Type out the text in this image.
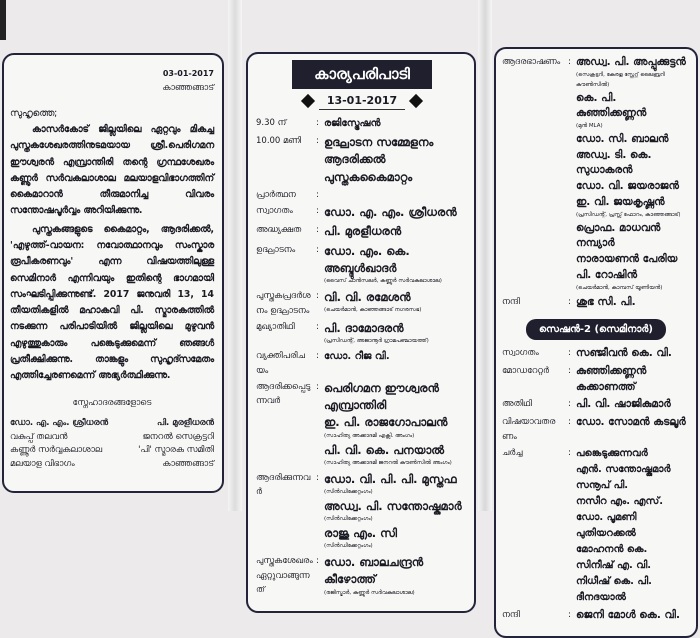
03-01-2017
കാഞ്ഞങ്ങാട്
സുഹൃത്തെ;

കാസർകോട് ജില്ലയിലെ ഏറ്റവും മികച്ച പുസ്തകശേഖരത്തിനുടമയായ ശ്രീ.പെരിഗമന ഈശ്വരൻ എമ്പ്രാന്തിരി തന്റെ ഗ്രന്ഥശേഖരം കണ്ണൂർ സർവകലാശാല മലയാളവിഭാഗത്തിന് കൈമാറാൻ തീരുമാനിച്ച വിവരം സന്തോഷപൂർവ്വം അറിയിക്കുന്നു.

പുസ്തകങ്ങളുടെ കൈമാറ്റം, ആദരിക്കൽ, 'എഴുത്ത്-വായന: നവോത്ഥാനവും സംസ്കാര രൂപീകരണവും' എന്ന വിഷയത്തിലുള്ള സെമിനാർ എന്നിവയും ഇതിന്റെ ഭാഗമായി സംഘടിപ്പിക്കുന്നുണ്ട്. 2017 ജനുവരി 13, 14 തീയതികളിൽ മഹാകവി പി. സ്മാരകത്തിൽ നടക്കുന്ന പരിപാടിയിൽ ജില്ലയിലെ മുഴുവൻ എഴുത്തുകാരും പങ്കെടുക്കുമെന്ന് ഞങ്ങൾ പ്രതീക്ഷിക്കുന്നു. താങ്കളും സുഹൃദ്സമേതം എത്തിച്ചേരണമെന്ന് അഭ്യർത്ഥിക്കുന്നു.

സ്നേഹാദരങ്ങളോടെ
ഡോ. എ. എം. ശ്രീധരൻ
വകുപ്പ് തലവൻ
കണ്ണൂർ സർവ്വകലാശാല
മലയാള വിഭാഗം
പി. മുരളീധരൻ
ജനറൽ സെക്രട്ടറി
'പി' സ്മാരക സമിതി
കാഞ്ഞങ്ങാട്
കാര്യപരിപാടി
13-01-2017
9.30 ന്	: രജിസ്ട്രേഷൻ
10.00 മണി	: ഉദ്ഘാടന സമ്മേളനം
ആദരിക്കൽ
പുസ്തകകൈമാറ്റം
പ്രാർത്ഥന	:
സ്വാഗതം	: ഡോ. എ. എം. ശ്രീധരൻ
അദ്ധ്യക്ഷത	: പി. മുരളീധരൻ
ഉദ്ഘാടനം	: ഡോ. എം. കെ. അബ്ദുൾഖാദർ
(വൈസ് ചാൻസലർ, കണ്ണൂർ സർവകലാശാല)
പുസ്തകപ്രദർശനം ഉദ്ഘാടനം
: വി. വി. രമേശൻ
(ചെയർമാൻ, കാഞ്ഞങ്ങാട് നഗരസഭ)
മുഖ്യാതിഥി	: പി. ദാമോദരൻ
(പ്രസിഡന്റ്, അജാനൂർ ഗ്രാമപഞ്ചായത്ത്)
വ്യക്തിപരിചയം
: ഡോ. റീജ വി.
ആദരിക്കപ്പെടുന്നവർ
: പെരിഗമന ഈശ്വരൻ എമ്പ്രാന്തിരി
ഇ. പി. രാജഗോപാലൻ
(സാഹിത്യ അക്കാദമി എക്സി. അംഗം)
പി. വി. കെ. പനയാൽ
(സാഹിത്യ അക്കാദമി ജനറൽ കൗൺസിൽ അംഗം)
ആദരിക്കുന്നവർ
: ഡോ. വി. പി. പി. മുസ്തഫ
(സിൻഡിക്കേറ്റംഗം)
അഡ്വ. പി. സന്തോഷ്കുമാർ
(സിൻഡിക്കേറ്റംഗം)
രാജു എം. സി
(സിൻഡിക്കേറ്റംഗം)
പുസ്തകശേഖരം ഏറ്റുവാങ്ങുന്നത്
: ഡോ. ബാലചന്ദ്രൻ കീഴോത്ത്
(രജിസ്ട്രാർ, കണ്ണൂർ സർവകലാശാല)
ആദരഭാഷണം : അഡ്വ. പി. അപ്പുക്കുട്ടൻ
(സെക്രട്ടറി, കേരള സ്റ്റേറ്റ് ലൈബ്രറി കൗൺസിൽ)
കെ. പി. കുഞ്ഞിക്കണ്ണൻ
(മുൻ MLA)
ഡോ. സി. ബാലൻ
അഡ്വ. ടി. കെ. സുധാകരൻ
ഡോ. വി. ജയരാജൻ
ഇ. വി. ജയകൃഷ്ണൻ
(പ്രസിഡന്റ്, പ്രസ്സ് ഫോറം, കാഞ്ഞങ്ങാട്)
പ്രൊഫ. മാധവൻ നമ്പ്യാർ
നാരായണൻ പേരിയ
പി. റോഷിൻ
(ചെയർമാൻ, കാമ്പസ് യൂണിയൻ)
നന്ദി	: ശുഭ സി. പി.
സെഷൻ-2 (സെമിനാർ)
സ്വാഗതം	: സഞ്ജീവൻ കെ. വി.
മോഡറേറ്റർ	: കുഞ്ഞിക്കണ്ണൻ കക്കാണത്ത്
അതിഥി	: പി. വി. ഷാജികുമാർ
വിഷയാവതരണം
: ഡോ. സോമൻ കടലൂർ
ചർച്ച	: പങ്കെടുക്കുന്നവർ
എൻ. സന്തോഷ്കുമാർ
സനൂപ് പി.
നസീറ എം. എസ്.
ഡോ. പൂമണി പുതിയറക്കൽ
മോഹനൻ കെ.
സിനീഷ് എ. വി.
നിധീഷ് കെ. പി.
ദീനദയാൽ
നന്ദി	: ജെനി മോൾ കെ. വി.
